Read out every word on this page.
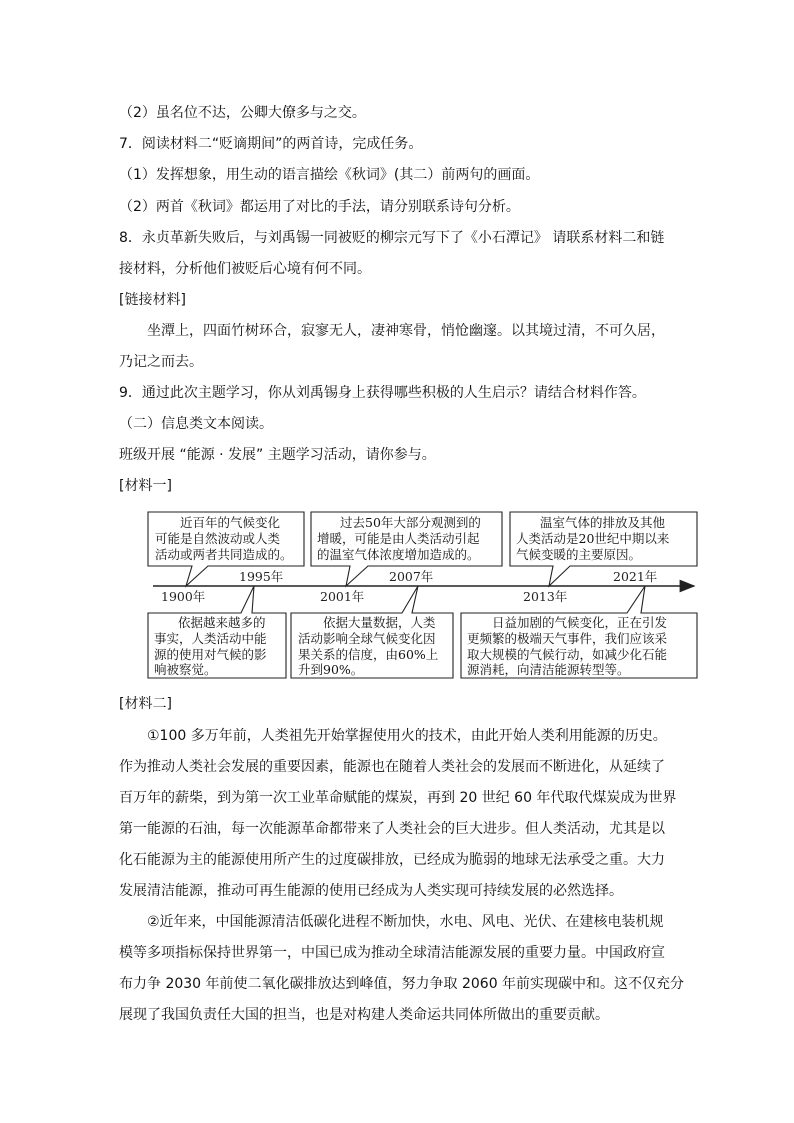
（2）虽名位不达，公卿大僚多与之交。
7．阅读材料二“贬谪期间”的两首诗，完成任务。
（1）发挥想象，用生动的语言描绘《秋词》(其二）前两句的画面。
（2）两首《秋词》都运用了对比的手法，请分别联系诗句分析。
8．永贞革新失败后，与刘禹锡一同被贬的柳宗元写下了《小石潭记》 请联系材料二和链
接材料，分析他们被贬后心境有何不同。
[链接材料]
坐潭上，四面竹树环合，寂寥无人，凄神寒骨，悄怆幽邃。以其境过清，不可久居，
乃记之而去。
9．通过此次主题学习，你从刘禹锡身上获得哪些积极的人生启示？请结合材料作答。
（二）信息类文本阅读。
班级开展 “能源 · 发展” 主题学习活动，请你参与。
[材料一]
1900年
1995年
2001年
2007年
2013年
2021年
近百年的气候变化 可能是自然波动或人类 活动或两者共同造成的。
过去50年大部分观测到的 增暖，可能是由人类活动引起 的温室气体浓度增加造成的。
温室气体的排放及其他 人类活动是20世纪中期以来 气候变暖的主要原因。
依据越来越多的 事实，人类活动中能 源的使用对气候的影 响被察觉。
依据大量数据，人类 活动影响全球气候变化因 果关系的信度，由60%上 升到90%。
日益加剧的气候变化，正在引发 更频繁的极端天气事件，我们应该采 取大规模的气候行动，如减少化石能 源消耗，向清洁能源转型等。
[材料二]
①100 多万年前，人类祖先开始掌握使用火的技术，由此开始人类利用能源的历史。
作为推动人类社会发展的重要因素，能源也在随着人类社会的发展而不断进化，从延续了
百万年的薪柴，到为第一次工业革命赋能的煤炭，再到 20 世纪 60 年代取代煤炭成为世界
第一能源的石油，每一次能源革命都带来了人类社会的巨大进步。但人类活动，尤其是以
化石能源为主的能源使用所产生的过度碳排放，已经成为脆弱的地球无法承受之重。大力
发展清洁能源，推动可再生能源的使用已经成为人类实现可持续发展的必然选择。
②近年来，中国能源清洁低碳化进程不断加快，水电、风电、光伏、在建核电装机规
模等多项指标保持世界第一，中国已成为推动全球清洁能源发展的重要力量。中国政府宣
布力争 2030 年前使二氧化碳排放达到峰值，努力争取 2060 年前实现碳中和。这不仅充分
展现了我国负责任大国的担当，也是对构建人类命运共同体所做出的重要贡献。
